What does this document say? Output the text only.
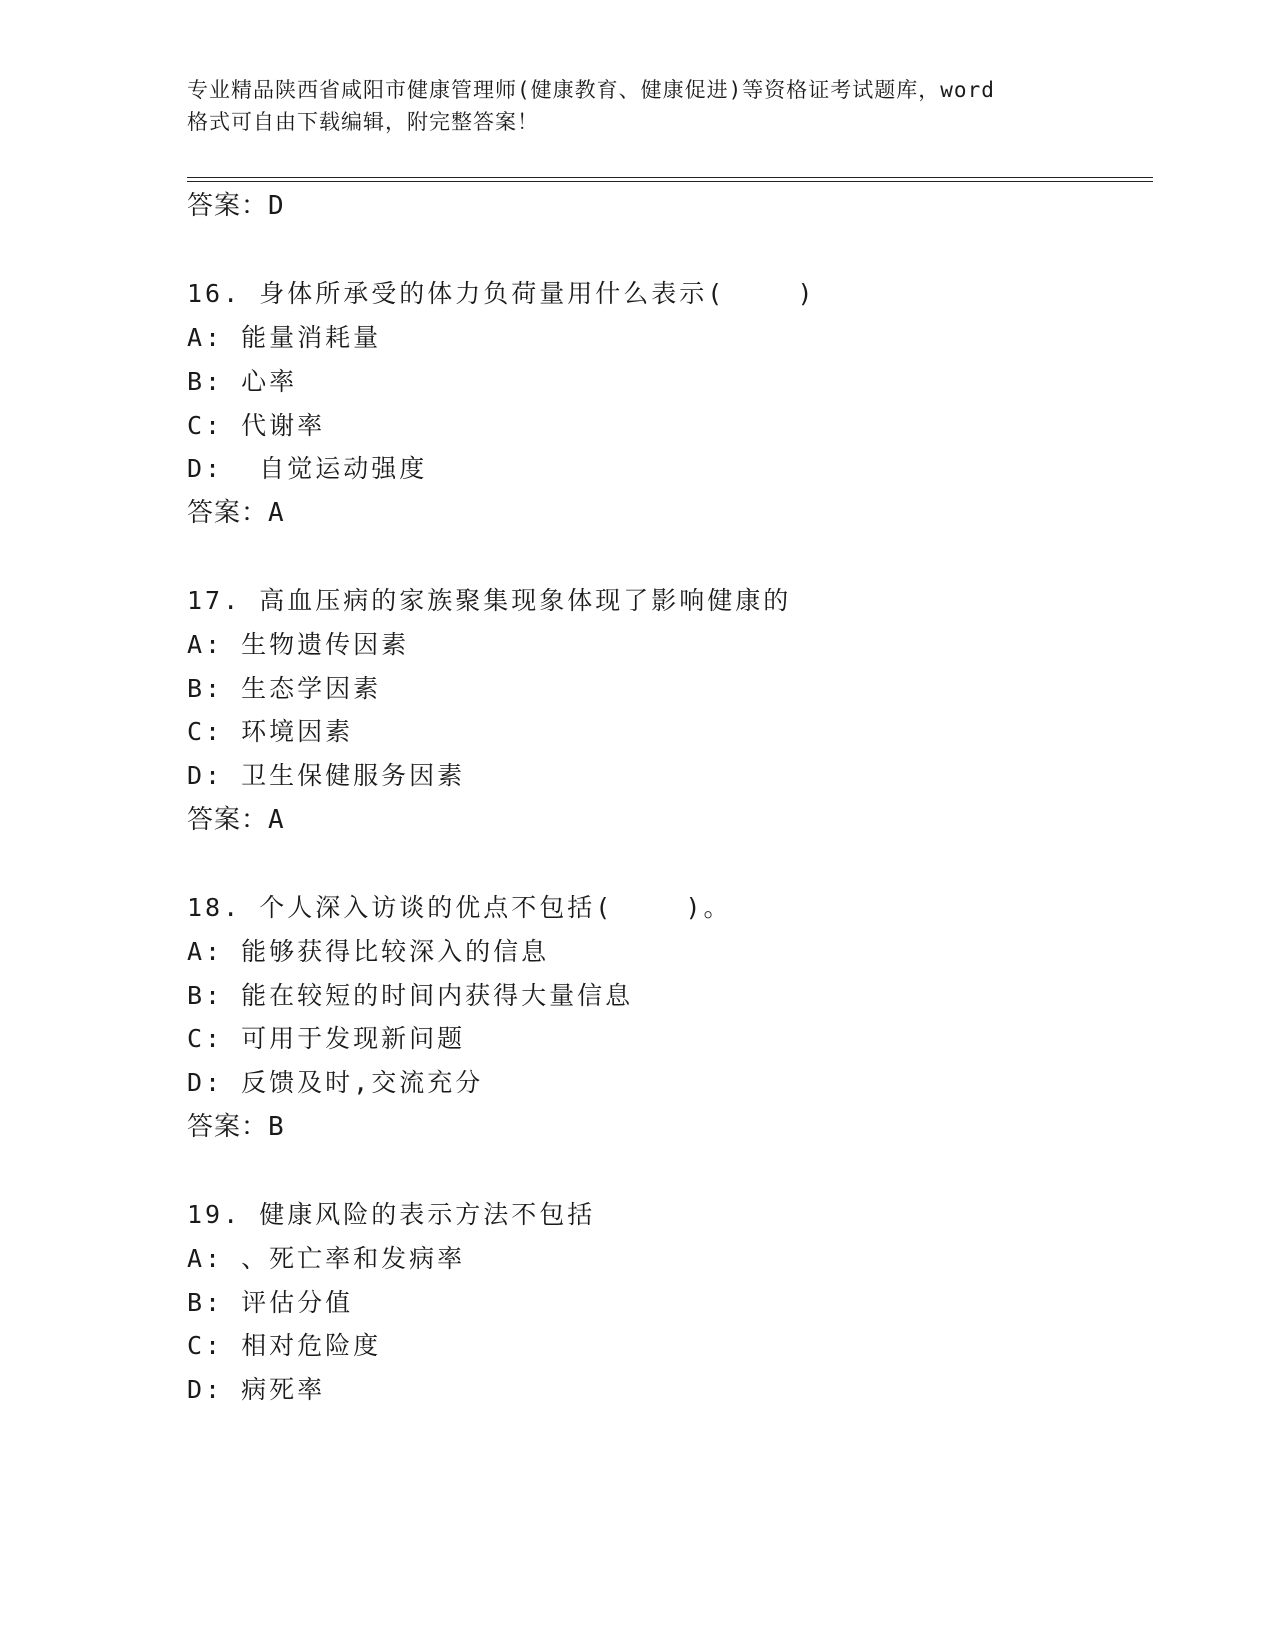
专业精品陕西省咸阳市健康管理师(健康教育、健康促进)等资格证考试题库，word
格式可自由下载编辑，附完整答案！
答案：D
16. 身体所承受的体力负荷量用什么表示(    )
A: 能量消耗量
B: 心率
C: 代谢率
D:  自觉运动强度
答案：A
17. 高血压病的家族聚集现象体现了影响健康的
A: 生物遗传因素
B: 生态学因素
C: 环境因素
D: 卫生保健服务因素
答案：A
18. 个人深入访谈的优点不包括(    )。
A: 能够获得比较深入的信息
B: 能在较短的时间内获得大量信息
C: 可用于发现新问题
D: 反馈及时,交流充分
答案：B
19. 健康风险的表示方法不包括
A: 、死亡率和发病率
B: 评估分值
C: 相对危险度
D: 病死率
